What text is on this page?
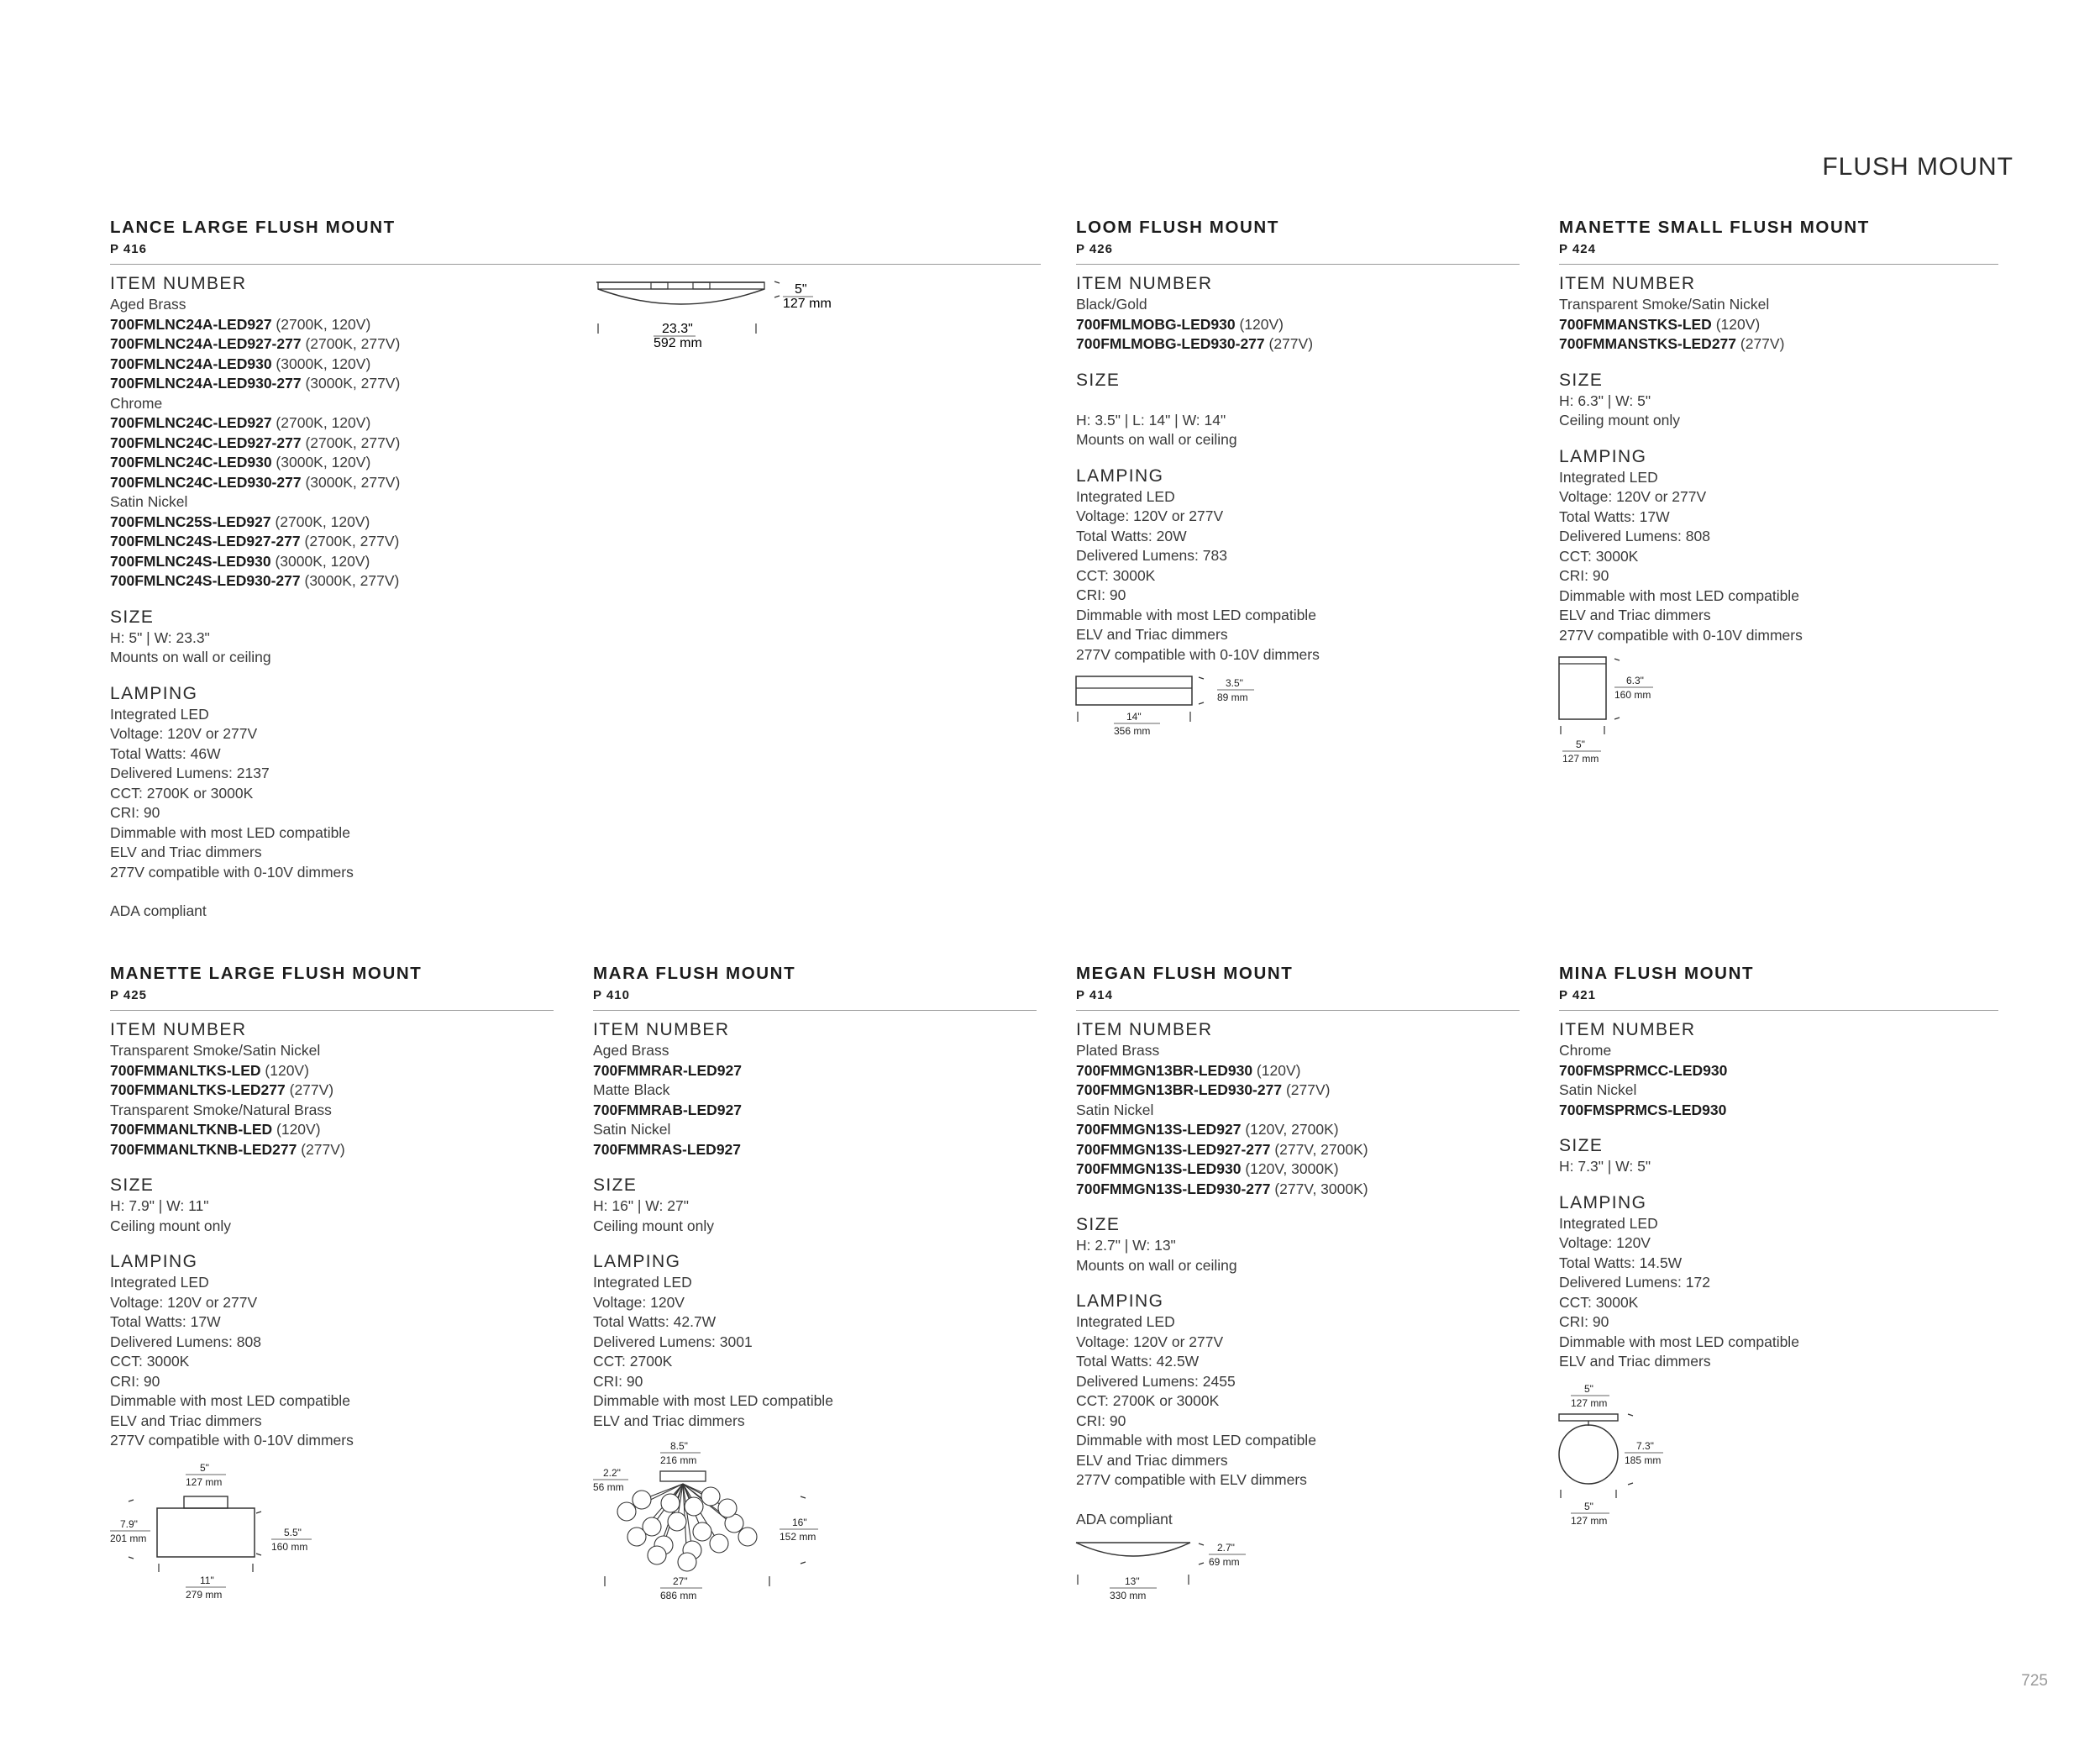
FLUSH MOUNT
LANCE LARGE FLUSH MOUNT
P 416
ITEM NUMBER
Aged Brass
700FMLNC24A-LED927 (2700K, 120V)
700FMLNC24A-LED927-277 (2700K, 277V)
700FMLNC24A-LED930 (3000K, 120V)
700FMLNC24A-LED930-277 (3000K, 277V)
Chrome
700FMLNC24C-LED927 (2700K, 120V)
700FMLNC24C-LED927-277 (2700K, 277V)
700FMLNC24C-LED930 (3000K, 120V)
700FMLNC24C-LED930-277 (3000K, 277V)
Satin Nickel
700FMLNC25S-LED927 (2700K, 120V)
700FMLNC24S-LED927-277 (2700K, 277V)
700FMLNC24S-LED930 (3000K, 120V)
700FMLNC24S-LED930-277 (3000K, 277V)
SIZE
H: 5" | W: 23.3"
Mounts on wall or ceiling
LAMPING
Integrated LED
Voltage: 120V or 277V
Total Watts: 46W
Delivered Lumens: 2137
CCT: 2700K or 3000K
CRI: 90
Dimmable with most LED compatible
ELV and Triac dimmers
277V compatible with 0-10V dimmers
ADA compliant
5"
127 mm
23.3"
592 mm
LOOM FLUSH MOUNT
P 426
ITEM NUMBER
Black/Gold
700FMLMOBG-LED930 (120V)
700FMLMOBG-LED930-277 (277V)
SIZE
H: 3.5" | L: 14" | W: 14"
Mounts on wall or ceiling
LAMPING
Integrated LED
Voltage: 120V or 277V
Total Watts: 20W
Delivered Lumens: 783
CCT: 3000K
CRI: 90
Dimmable with most LED compatible
ELV and Triac dimmers
277V compatible with 0-10V dimmers
3.5"
89 mm
14"
356 mm
MANETTE SMALL FLUSH MOUNT
P 424
ITEM NUMBER
Transparent Smoke/Satin Nickel
700FMMANSTKS-LED (120V)
700FMMANSTKS-LED277 (277V)
SIZE
H: 6.3" | W: 5"
Ceiling mount only
LAMPING
Integrated LED
Voltage: 120V or 277V
Total Watts: 17W
Delivered Lumens: 808
CCT: 3000K
CRI: 90
Dimmable with most LED compatible
ELV and Triac dimmers
277V compatible with 0-10V dimmers
6.3"
160 mm
5"
127 mm
MANETTE LARGE FLUSH MOUNT
P 425
ITEM NUMBER
Transparent Smoke/Satin Nickel
700FMMANLTKS-LED (120V)
700FMMANLTKS-LED277 (277V)
Transparent Smoke/Natural Brass
700FMMANLTKNB-LED (120V)
700FMMANLTKNB-LED277 (277V)
SIZE
H: 7.9" | W: 11"
Ceiling mount only
LAMPING
Integrated LED
Voltage: 120V or 277V
Total Watts: 17W
Delivered Lumens: 808
CCT: 3000K
CRI: 90
Dimmable with most LED compatible
ELV and Triac dimmers
277V compatible with 0-10V dimmers
5"
127 mm
7.9"
201 mm	5.5"
160 mm
11"
279 mm
MARA FLUSH MOUNT
P 410
ITEM NUMBER
Aged Brass
700FMMRAR-LED927
Matte Black
700FMMRAB-LED927
Satin Nickel
700FMMRAS-LED927
SIZE
H: 16" | W: 27"
Ceiling mount only
LAMPING
Integrated LED
Voltage: 120V
Total Watts: 42.7W
Delivered Lumens: 3001
CCT: 2700K
CRI: 90
Dimmable with most LED compatible
ELV and Triac dimmers
8.5"
216 mm
2.2"
56 mm
16"
152 mm
27"
686 mm
MEGAN FLUSH MOUNT
P 414
ITEM NUMBER
Plated Brass
700FMMGN13BR-LED930 (120V)
700FMMGN13BR-LED930-277 (277V)
Satin Nickel
700FMMGN13S-LED927 (120V, 2700K)
700FMMGN13S-LED927-277 (277V, 2700K)
700FMMGN13S-LED930 (120V, 3000K)
700FMMGN13S-LED930-277 (277V, 3000K)
SIZE
H: 2.7" | W: 13"
Mounts on wall or ceiling
LAMPING
Integrated LED
Voltage: 120V or 277V
Total Watts: 42.5W
Delivered Lumens: 2455
CCT: 2700K or 3000K
CRI: 90
Dimmable with most LED compatible
ELV and Triac dimmers
277V compatible with ELV dimmers
ADA compliant
2.7"
69 mm
13"
330 mm
MINA FLUSH MOUNT
P 421
ITEM NUMBER
Chrome
700FMSPRMCC-LED930
Satin Nickel
700FMSPRMCS-LED930
SIZE
H: 7.3" | W: 5"
LAMPING
Integrated LED
Voltage: 120V
Total Watts: 14.5W
Delivered Lumens: 172
CCT: 3000K
CRI: 90
Dimmable with most LED compatible
ELV and Triac dimmers
5"
127 mm
7.3"
185 mm
5"
127 mm
725
